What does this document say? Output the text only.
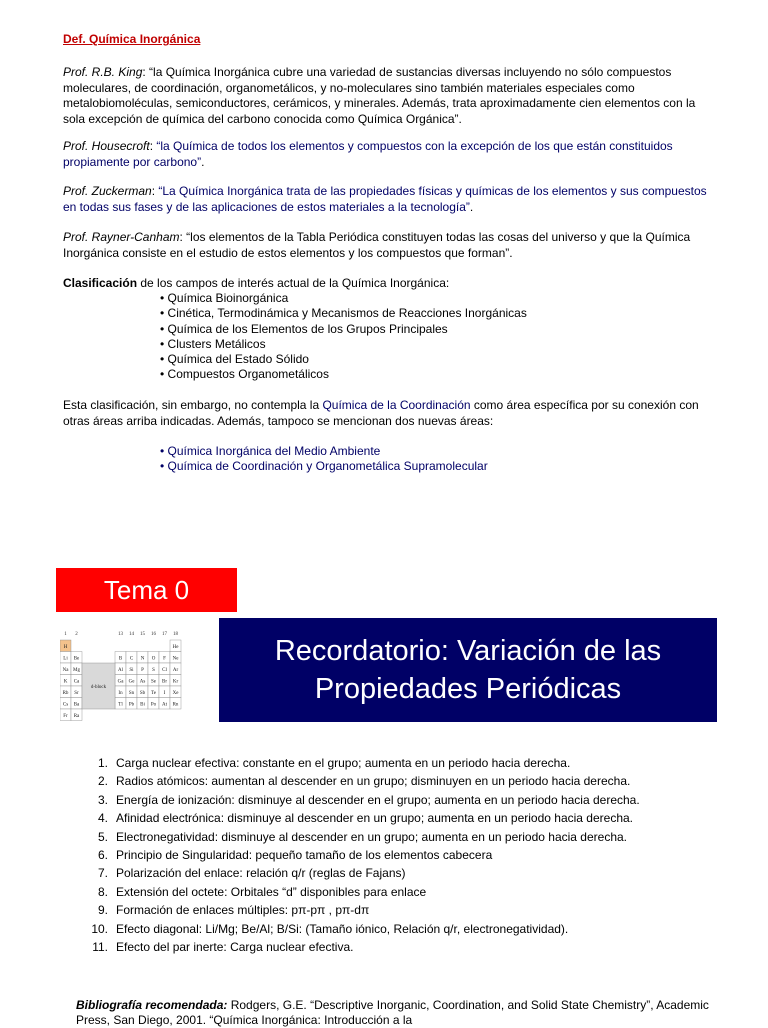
Def. Química Inorgánica

Prof. R.B. King: “la Química Inorgánica cubre una variedad de sustancias diversas incluyendo no sólo compuestos moleculares, de coordinación, organometálicos, y no-moleculares sino también materiales especiales como metalobiomoléculas, semiconductores, cerámicos, y minerales. Además, trata aproximadamente cien elementos con la sola excepción de química del carbono conocida como Química Orgánica”.

Prof. Housecroft: “la Química de todos los elementos y compuestos con la excepción de los que están constituidos propiamente por carbono”.

Prof. Zuckerman: “La Química Inorgánica trata de las propiedades físicas y químicas de los elementos y sus compuestos en todas sus fases y de las aplicaciones de estos materiales a la tecnología”.

Prof. Rayner-Canham: “los elementos de la Tabla Periódica constituyen todas las cosas del universo y que la Química Inorgánica consiste en el estudio de estos elementos y los compuestos que forman”.

Clasificación de los campos de interés actual de la Química Inorgánica:

• Química Bioinorgánica
• Cinética, Termodinámica y Mecanismos de Reacciones Inorgánicas
• Química de los Elementos de los Grupos Principales
• Clusters Metálicos
• Química del Estado Sólido
• Compuestos Organometálicos

Esta clasificación, sin embargo, no contempla la Química de la Coordinación como área específica por su conexión con otras áreas arriba indicadas. Además, tampoco se mencionan dos nuevas áreas:

• Química Inorgánica del Medio Ambiente
• Química de Coordinación y Organometálica Supramolecular
Tema 0
1 2	13 14 15 16 17 18
H	He
Li Be	B C N O F Ne
Na Mg	Al Si P S Cl Ar
K Ca	Ga Ge As Se Br Kr
Rb Sr	In Sn Sb Te I Xe
Cs Ba	Tl Pb Bi Po At Rn
Fr Ra
d-block
Recordatorio: Variación de las
Propiedades Periódicas
1. Carga nuclear efectiva: constante en el grupo; aumenta en un periodo hacia derecha.
2. Radios atómicos: aumentan al descender en un grupo; disminuyen en un periodo hacia derecha.
3. Energía de ionización: disminuye al descender en el grupo; aumenta en un periodo hacia derecha.
4. Afinidad electrónica: disminuye al descender en un grupo; aumenta en un periodo hacia derecha.
5. Electronegatividad: disminuye al descender en un grupo; aumenta en un periodo hacia derecha.
6. Principio de Singularidad: pequeño tamaño de los elementos cabecera
7. Polarización del enlace: relación q/r (reglas de Fajans)
8. Extensión del octete: Orbitales “d” disponibles para enlace
9. Formación de enlaces múltiples: pπ-pπ , pπ-dπ
10. Efecto diagonal: Li/Mg; Be/Al; B/Si: (Tamaño iónico, Relación q/r, electronegatividad).
11. Efecto del par inerte: Carga nuclear efectiva.

Bibliografía recomendada: Rodgers, G.E. “Descriptive Inorganic, Coordination, and Solid State Chemistry”, Academic Press, San Diego, 2001. “Química Inorgánica: Introducción a la
